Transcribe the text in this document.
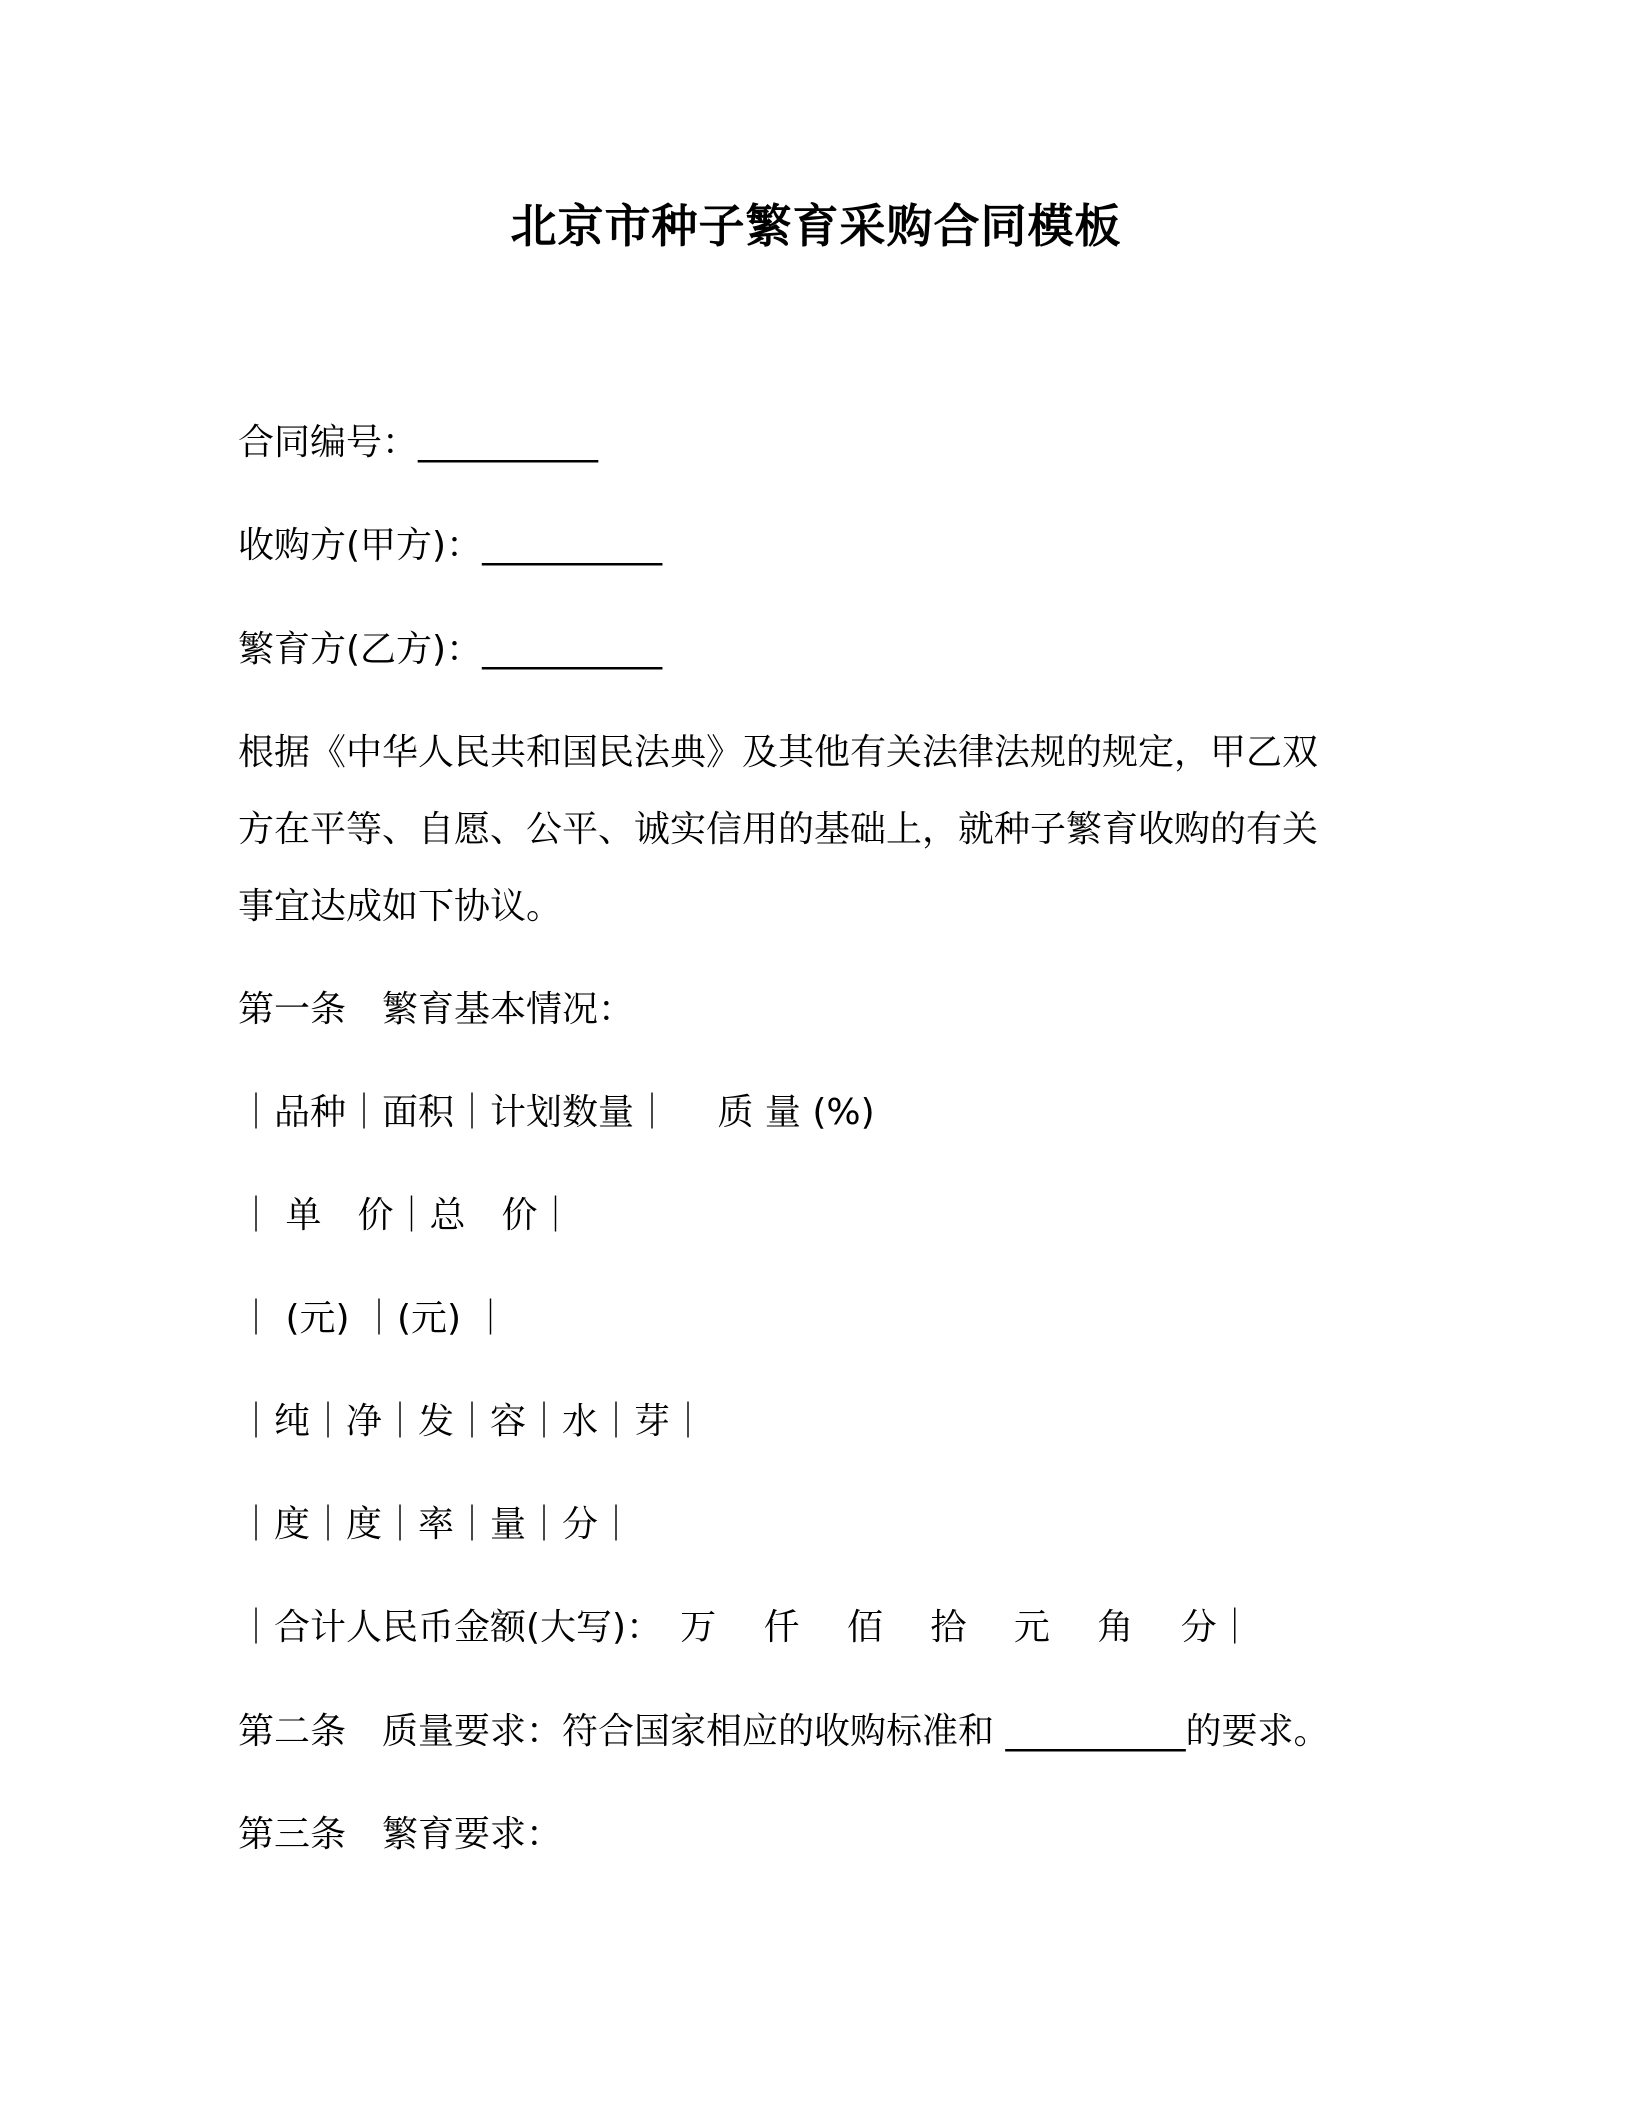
北京市种子繁育采购合同模板
合同编号：__________
收购方(甲方)：__________
繁育方(乙方)：__________
根据《中华人民共和国民法典》及其他有关法律法规的规定，甲乙双
方在平等、自愿、公平、诚实信用的基础上，就种子繁育收购的有关
事宜达成如下协议。
第一条　繁育基本情况：
｜品种｜面积｜计划数量｜　 质 量 (%)
｜ 单　价｜总　价｜
｜ (元) ｜(元) ｜
｜纯｜净｜发｜容｜水｜芽｜
｜度｜度｜率｜量｜分｜
｜合计人民币金额(大写)：　万　 仟　 佰　 拾　 元　 角　 分｜
第二条　质量要求：符合国家相应的收购标准和 __________的要求。
第三条　繁育要求：
